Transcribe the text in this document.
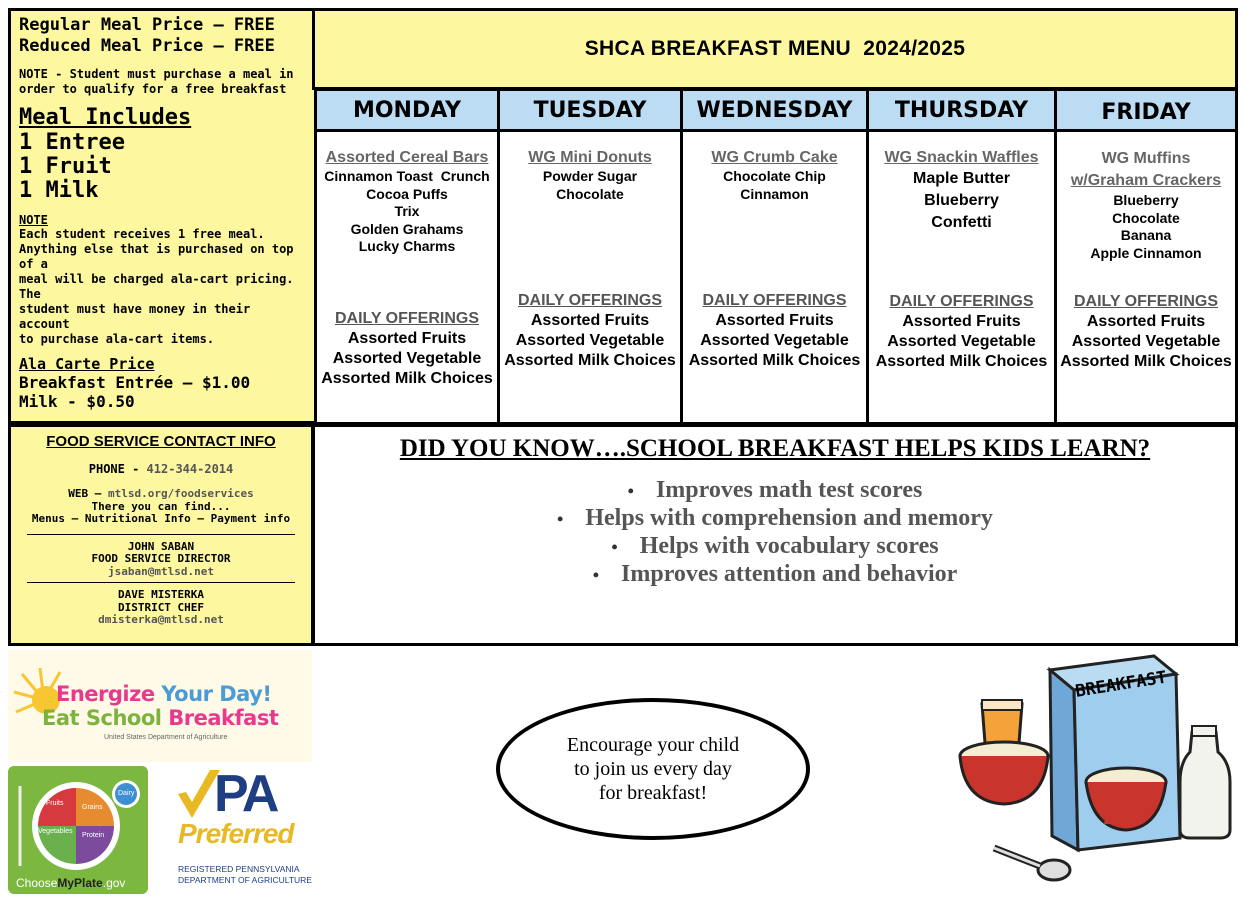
Regular Meal Price — FREE
Reduced Meal Price — FREE
NOTE - Student must purchase a meal in
order to qualify for a free breakfast
Meal Includes
1 Entree
1 Fruit
1 Milk
NOTE
Each student receives 1 free meal.
Anything else that is purchased on top of a
meal will be charged ala-cart pricing. The
student must have money in their account
to purchase ala-cart items.
Ala Carte Price
Breakfast Entrée — $1.00
Milk - $0.50
SHCA BREAKFAST MENU  2024/2025
MONDAY	TUESDAY WEDNESDAY THURSDAY	FRIDAY
Assorted Cereal Bars
Cinnamon Toast  Crunch
Cocoa Puffs
Trix
Golden Grahams
Lucky Charms
DAILY OFFERINGS
Assorted Fruits
Assorted Vegetable
Assorted Milk Choices
WG Mini Donuts
Powder Sugar
Chocolate
DAILY OFFERINGS
Assorted Fruits
Assorted Vegetable
Assorted Milk Choices
WG Crumb Cake
Chocolate Chip
Cinnamon
DAILY OFFERINGS
Assorted Fruits
Assorted Vegetable
Assorted Milk Choices
WG Snackin Waffles
Maple Butter
Blueberry
Confetti
DAILY OFFERINGS
Assorted Fruits
Assorted Vegetable
Assorted Milk Choices
WG Muffins
w/Graham Crackers
Blueberry
Chocolate
Banana
Apple Cinnamon
DAILY OFFERINGS
Assorted Fruits
Assorted Vegetable
Assorted Milk Choices
FOOD SERVICE CONTACT INFO
PHONE - 412-344-2014
WEB — mtlsd.org/foodservices
There you can find...
Menus — Nutritional Info — Payment info
JOHN SABAN
FOOD SERVICE DIRECTOR
jsaban@mtlsd.net
DAVE MISTERKA
DISTRICT CHEF
dmisterka@mtlsd.net
DID YOU KNOW….SCHOOL BREAKFAST HELPS KIDS LEARN?
• Improves math test scores
• Helps with comprehension and memory
• Helps with vocabulary scores
• Improves attention and behavior
Energize Your Day!
Eat School Breakfast
United States Department of Agriculture
Fruits
Grains
Vegetables
Protein
Dairy
ChooseMyPlate.gov
PA
Preferred
REGISTERED PENNSYLVANIA
DEPARTMENT OF AGRICULTURE
Encourage your child
to join us every day
for breakfast!
BREAKFAST
